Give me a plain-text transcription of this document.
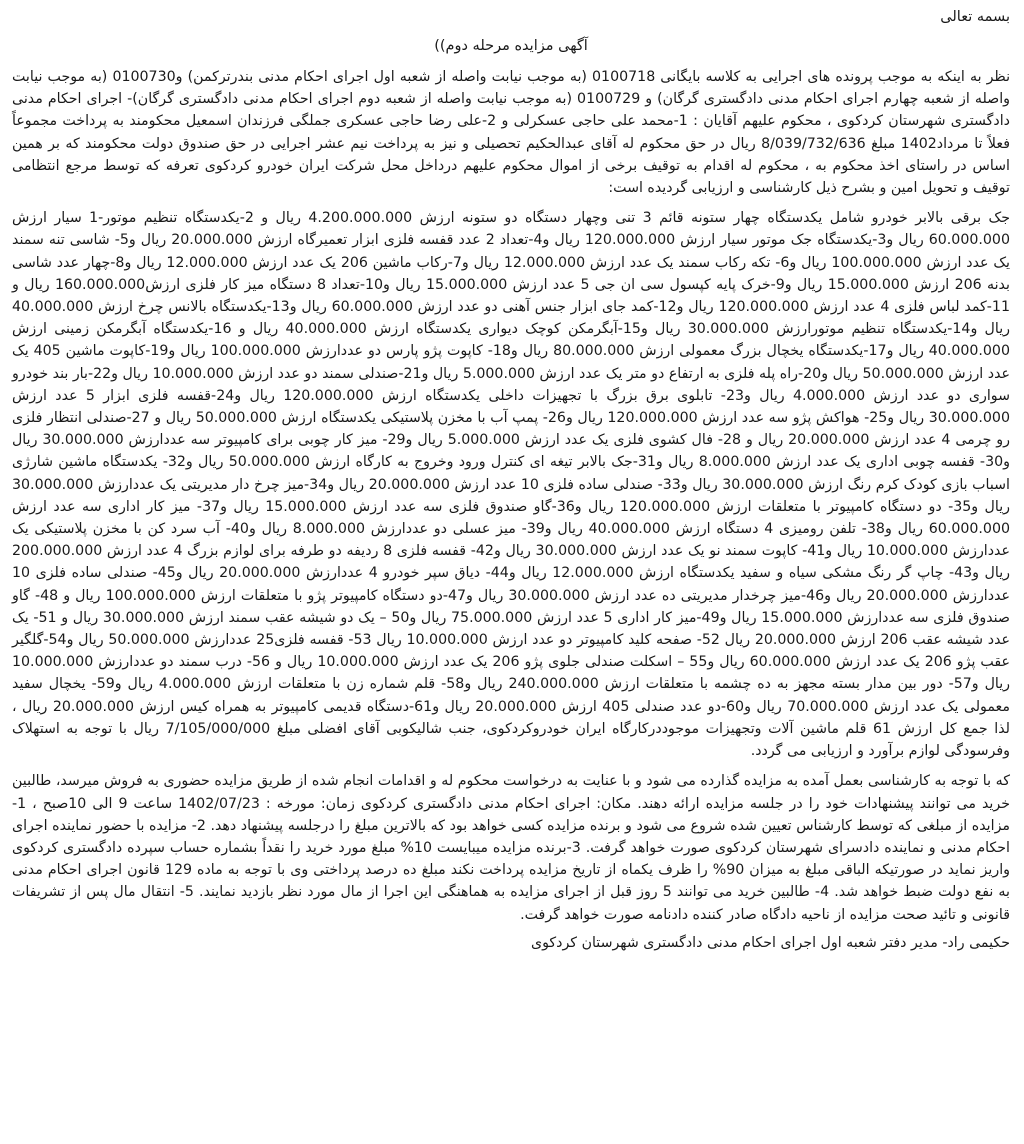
بسمه تعالی

آگهی مزایده مرحله دوم))

نظر به اینکه به موجب پرونده های اجرایی به کلاسه بایگانی 0100718 (به موجب نیابت واصله از شعبه اول اجرای احکام مدنی بندرترکمن) و0100730 (به موجب نیابت واصله از شعبه چهارم اجرای احکام مدنی دادگستری گرگان) و 0100729 (به موجب نیابت واصله از شعبه دوم اجرای احکام مدنی دادگستری گرگان)- اجرای احکام مدنی دادگستری شهرستان کردکوی ، محکوم علیهم آقایان : 1-محمد علی حاجی عسکرلی و 2-علی رضا حاجی عسکری جملگی فرزندان اسمعیل محکومند به پرداخت مجموعاً فعلاً تا مرداد1402 مبلغ 8/039/732/636 ریال در حق محکوم له آقای عبدالحکیم تحصیلی و نیز به پرداخت نیم عشر اجرایی در حق صندوق دولت محکومند که بر همین اساس در راستای اخذ محکوم به ، محکوم له اقدام به توقیف برخی از اموال محکوم علیهم درداخل محل شرکت ایران خودرو کردکوی تعرفه که توسط مرجع انتظامی توقیف و تحویل امین و بشرح ذیل کارشناسی و ارزیابی گردیده است:

جک برقی بالابر خودرو شامل یکدستگاه چهار ستونه قائم 3 تنی وچهار دستگاه دو ستونه ارزش 4.200.000.000 ریال و 2-یکدستگاه تنظیم موتور-1 سیار ارزش 60.000.000 ریال و3-یکدستگاه جک موتور سیار ارزش 120.000.000 ریال و4-تعداد 2 عدد قفسه فلزی ابزار تعمیرگاه ارزش 20.000.000 ریال و5- شاسی تنه سمند یک عدد ارزش 100.000.000 ریال و6- تکه رکاب سمند یک عدد ارزش 12.000.000 ریال و7-رکاب ماشین 206 یک عدد ارزش 12.000.000 ریال و8-چهار عدد شاسی بدنه 206 ارزش 15.000.000 ریال و9-خرک پایه کپسول سی ان جی 5 عدد ارزش 15.000.000 ریال و10-تعداد 8 دستگاه میز کار فلزی ارزش160.000.000 ریال و 11-کمد لباس فلزی 4 عدد ارزش 120.000.000 ریال و12-کمد جای ابزار جنس آهنی دو عدد ارزش 60.000.000 ریال و13-یکدستگاه بالانس چرخ ارزش 40.000.000 ریال و14-یکدستگاه تنظیم موتورارزش 30.000.000 ریال و15-آبگرمکن کوچک دیواری یکدستگاه ارزش 40.000.000 ریال و 16-یکدستگاه آبگرمکن زمینی ارزش 40.000.000 ریال و17-یکدستگاه یخچال بزرگ معمولی ارزش 80.000.000 ریال و18- کاپوت پژو پارس دو عددارزش 100.000.000 ریال و19-کاپوت ماشین 405 یک عدد ارزش 50.000.000 ریال و20-راه پله فلزی به ارتفاع دو متر یک عدد ارزش 5.000.000 ریال و21-صندلی سمند دو عدد ارزش 10.000.000 ریال و22-بار بند خودرو سواری دو عدد ارزش 4.000.000 ریال و23- تابلوی برق بزرگ با تجهیزات داخلی یکدستگاه ارزش 120.000.000 ریال و24-قفسه فلزی ابزار 5 عدد ارزش 30.000.000 ریال و25- هواکش پژو سه عدد ارزش 120.000.000 ریال و26- پمپ آب با مخزن پلاستیکی یکدستگاه ارزش 50.000.000 ریال و 27-صندلی انتظار فلزی رو چرمی 4 عدد ارزش 20.000.000 ریال و 28- فال کشوی فلزی یک عدد ارزش 5.000.000 ریال و29- میز کار چوبی برای کامپیوتر سه عددارزش 30.000.000 ریال و30- قفسه چوبی اداری یک عدد ارزش 8.000.000 ریال و31-جک بالابر تیغه ای کنترل ورود وخروج به کارگاه ارزش 50.000.000 ریال و32- یکدستگاه ماشین شارژی اسباب بازی کودک کرم رنگ ارزش 30.000.000 ریال و33- صندلی ساده فلزی 10 عدد ارزش 20.000.000 ریال و34-میز چرخ دار مدیریتی یک عددارزش 30.000.000 ریال و35- دو دستگاه کامپیوتر با متعلقات ارزش 120.000.000 ریال و36-گاو صندوق فلزی سه عدد ارزش 15.000.000 ریال و37- میز کار اداری سه عدد ارزش 60.000.000 ریال و38- تلفن رومیزی 4 دستگاه ارزش 40.000.000 ریال و39- میز عسلی دو عددارزش 8.000.000 ریال و40- آب سرد کن با مخزن پلاستیکی یک عددارزش 10.000.000 ریال و41- کاپوت سمند نو یک عدد ارزش 30.000.000 ریال و42- قفسه فلزی 8 ردیفه دو طرفه برای لوازم بزرگ 4 عدد ارزش 200.000.000 ریال و43- چاپ گر رنگ مشکی سیاه و سفید یکدستگاه ارزش 12.000.000 ریال و44- دیاق سپر خودرو 4 عددارزش 20.000.000 ریال و45- صندلی ساده فلزی 10 عددارزش 20.000.000 ریال و46-میز چرخدار مدیریتی ده عدد ارزش 30.000.000 ریال و47-دو دستگاه کامپیوتر پژو با متعلقات ارزش 100.000.000 ریال و 48- گاو صندوق فلزی سه عددارزش 15.000.000 ریال و49-میز کار اداری 5 عدد ارزش 75.000.000 ریال و50 – یک دو شیشه عقب سمند ارزش 30.000.000 ریال و 51- یک عدد شیشه عقب 206 ارزش 20.000.000 ریال 52- صفحه کلید کامپیوتر دو عدد ارزش 10.000.000 ریال 53- قفسه فلزی25 عددارزش 50.000.000 ریال و54-گلگیر عقب پژو 206 یک عدد ارزش 60.000.000 ریال و55 – اسکلت صندلی جلوی پژو 206 یک عدد ارزش 10.000.000 ریال و 56- درب سمند دو عددارزش 10.000.000 ریال و57- دور بین مدار بسته مجهز به ده چشمه با متعلقات ارزش 240.000.000 ریال و58- قلم شماره زن با متعلقات ارزش 4.000.000 ریال و59- یخچال سفید معمولی یک عدد ارزش 70.000.000 ریال و60-دو عدد صندلی 405 ارزش 20.000.000 ریال و61-دستگاه قدیمی کامپیوتر به همراه کیس ارزش 20.000.000 ریال ، لذا جمع کل ارزش 61 قلم ماشین آلات وتجهیزات موجوددرکارگاه ایران خودروکردکوی، جنب شالیکوبی آقای افضلی مبلغ 7/105/000/000 ریال با توجه به استهلاک وفرسودگی لوازم برآورد و ارزیابی می گردد.

که با توجه به کارشناسی بعمل آمده به مزایده گذارده می شود و با عنایت به درخواست محکوم له و اقدامات انجام شده از طریق مزایده حضوری به فروش میرسد، طالبین خرید می توانند پیشنهادات خود را در جلسه مزایده ارائه دهند. مکان: اجرای احکام مدنی دادگستری کردکوی زمان: مورخه : 1402/07/23 ساعت 9 الی 10صبح ، 1- مزایده از مبلغی که توسط کارشناس تعیین شده شروع می شود و برنده مزایده کسی خواهد بود که بالاترین مبلغ را درجلسه پیشنهاد دهد. 2- مزایده با حضور نماینده اجرای احکام مدنی و نماینده دادسرای شهرستان کردکوی صورت خواهد گرفت. 3-برنده مزایده میبایست 10% مبلغ مورد خرید را نقداً بشماره حساب سپرده دادگستری کردکوی واریز نماید در صورتیکه الباقی مبلغ به میزان 90% را ظرف یکماه از تاریخ مزایده پرداخت نکند مبلغ ده درصد پرداختی وی با توجه به ماده 129 قانون اجرای احکام مدنی به نفع دولت ضبط خواهد شد. 4- طالبین خرید می توانند 5 روز قبل از اجرای مزایده به هماهنگی این اجرا از مال مورد نظر بازدید نمایند. 5- انتقال مال پس از تشریفات قانونی و تائید صحت مزایده از ناحیه دادگاه صادر کننده دادنامه صورت خواهد گرفت.

حکیمی راد- مدیر دفتر شعبه اول اجرای احکام مدنی دادگستری شهرستان کردکوی
